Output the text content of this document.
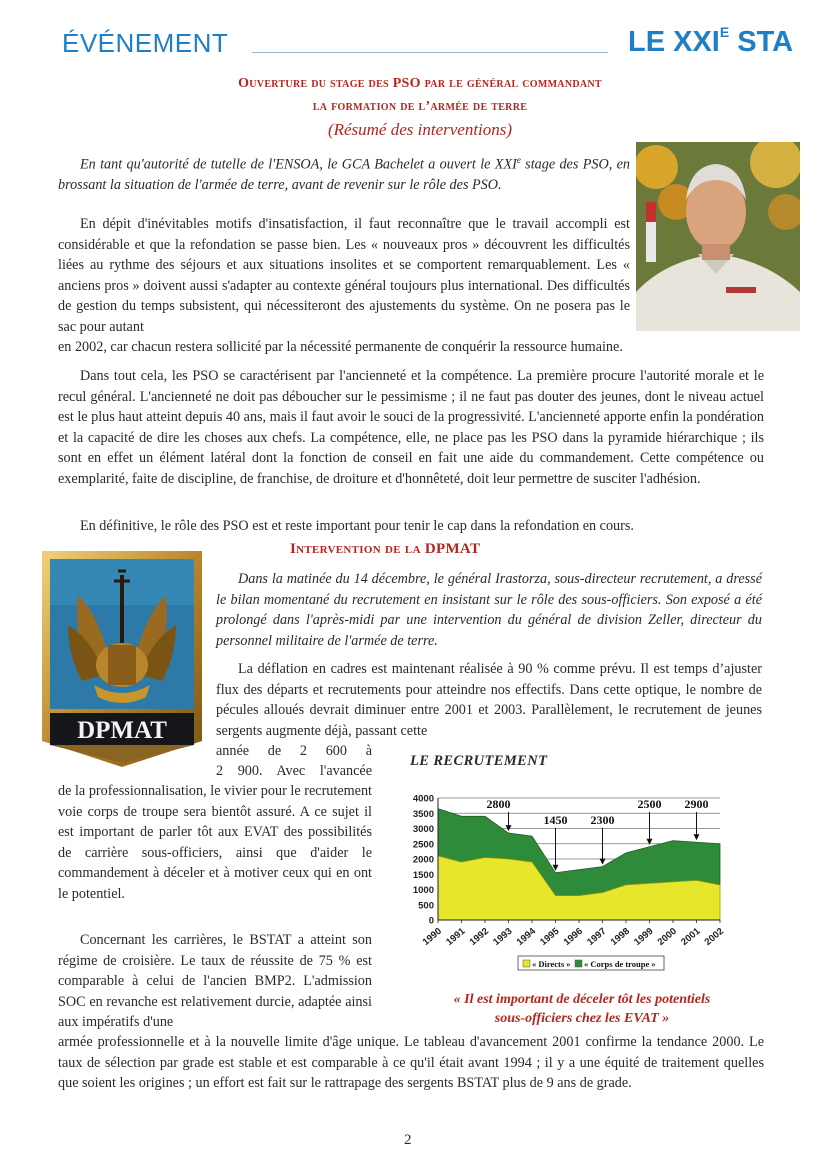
ÉVÉNEMENT	LE $XXI^E$ STA
Ouverture du stage des PSO par le général commandant
la formation de l’armée de terre
(Résumé des interventions)

En tant qu'autorité de tutelle de l'ENSOA, le GCA Bachelet a ouvert le XXIe stage des PSO, en brossant la situation de l'armée de terre, avant de revenir sur le rôle des PSO.

En dépit d'inévitables motifs d'insatisfaction, il faut reconnaître que le travail accompli est considérable et que la refondation se passe bien. Les « nouveaux pros » découvrent les difficultés liées au rythme des séjours et aux situations insolites et se comportent remarquablement. Les « anciens pros » doivent aussi s'adapter au contexte général toujours plus international. Des difficultés de gestion du temps subsistent, qui nécessiteront des ajustements du système. On ne posera pas le sac pour autant

en 2002, car chacun restera sollicité par la nécessité permanente de conquérir la ressource humaine.

Dans tout cela, les PSO se caractérisent par l'ancienneté et la compétence. La première procure l'autorité morale et le recul général. L'ancienneté ne doit pas déboucher sur le pessimisme ; il ne faut pas douter des jeunes, dont le niveau actuel est le plus haut atteint depuis 40 ans, mais il faut avoir le souci de la progressivité. L'ancienneté apporte enfin la pondération et la capacité de dire les choses aux chefs. La compétence, elle, ne place pas les PSO dans la pyramide hiérarchique ; ils sont en effet un élément latéral dont la fonction de conseil en fait une aide du commandement. Cette compétence ou exemplarité, faite de discipline, de franchise, de droiture et d'honnêteté, doit leur permettre de susciter l'adhésion.

En définitive, le rôle des PSO est et reste important pour tenir le cap dans la refondation en cours.

DPMAT
Intervention de la DPMAT

Dans la matinée du 14 décembre, le général Irastorza, sous-directeur recrutement, a dressé le bilan momentané du recrutement en insistant sur le rôle des sous-officiers. Son exposé a été prolongé dans l'après-midi par une intervention du général de division Zeller, directeur du personnel militaire de l'armée de terre.

La déflation en cadres est maintenant réalisée à 90 % comme prévu. Il est temps d’ajuster flux des départs et recrutements pour atteindre nos effectifs. Dans cette optique, le nombre de pécules alloués devrait diminuer entre 2001 et 2003. Parallèlement, le recrutement de jeunes sergents augmente déjà, passant cette

année de 2 600 à
2 900. Avec l'avancée

de la professionnalisation, le vivier pour le recrutement voie corps de troupe sera bientôt assuré. A ce sujet il est important de parler tôt aux EVAT des possibilités de carrière sous-officiers, ainsi que d'aider le commandement à déceler et à motiver ceux qui en ont le potentiel.

Concernant les carrières, le BSTAT a atteint son régime de croisière. Le taux de réussite de 75 % est comparable à celui de l'ancien BMP2. L'admission SOC en revanche est relativement durcie, adaptée ainsi aux impératifs d'une

armée professionnelle et à la nouvelle limite d'âge unique. Le tableau d'avancement 2001 confirme la tendance 2000. Le taux de sélection par grade est stable et est comparable à ce qu'il était avant 1994 ; il y a une équité de traitement quelles que soient les origines ; un effort est fait sur le rattrapage des sergents BSTAT plus de 9 ans de grade.

LE RECRUTEMENT
0
500
1000
1500
2000
2500
3000
3500
4000
1990 1991 1992 1993 1994 1995 1996 1997 1998 1999 2000 2001 2002
2800
1450 2300
2500 2900
« Directs » « Corps de troupe »
« Il est important de déceler tôt les potentiels
sous-officiers chez les EVAT »
2
